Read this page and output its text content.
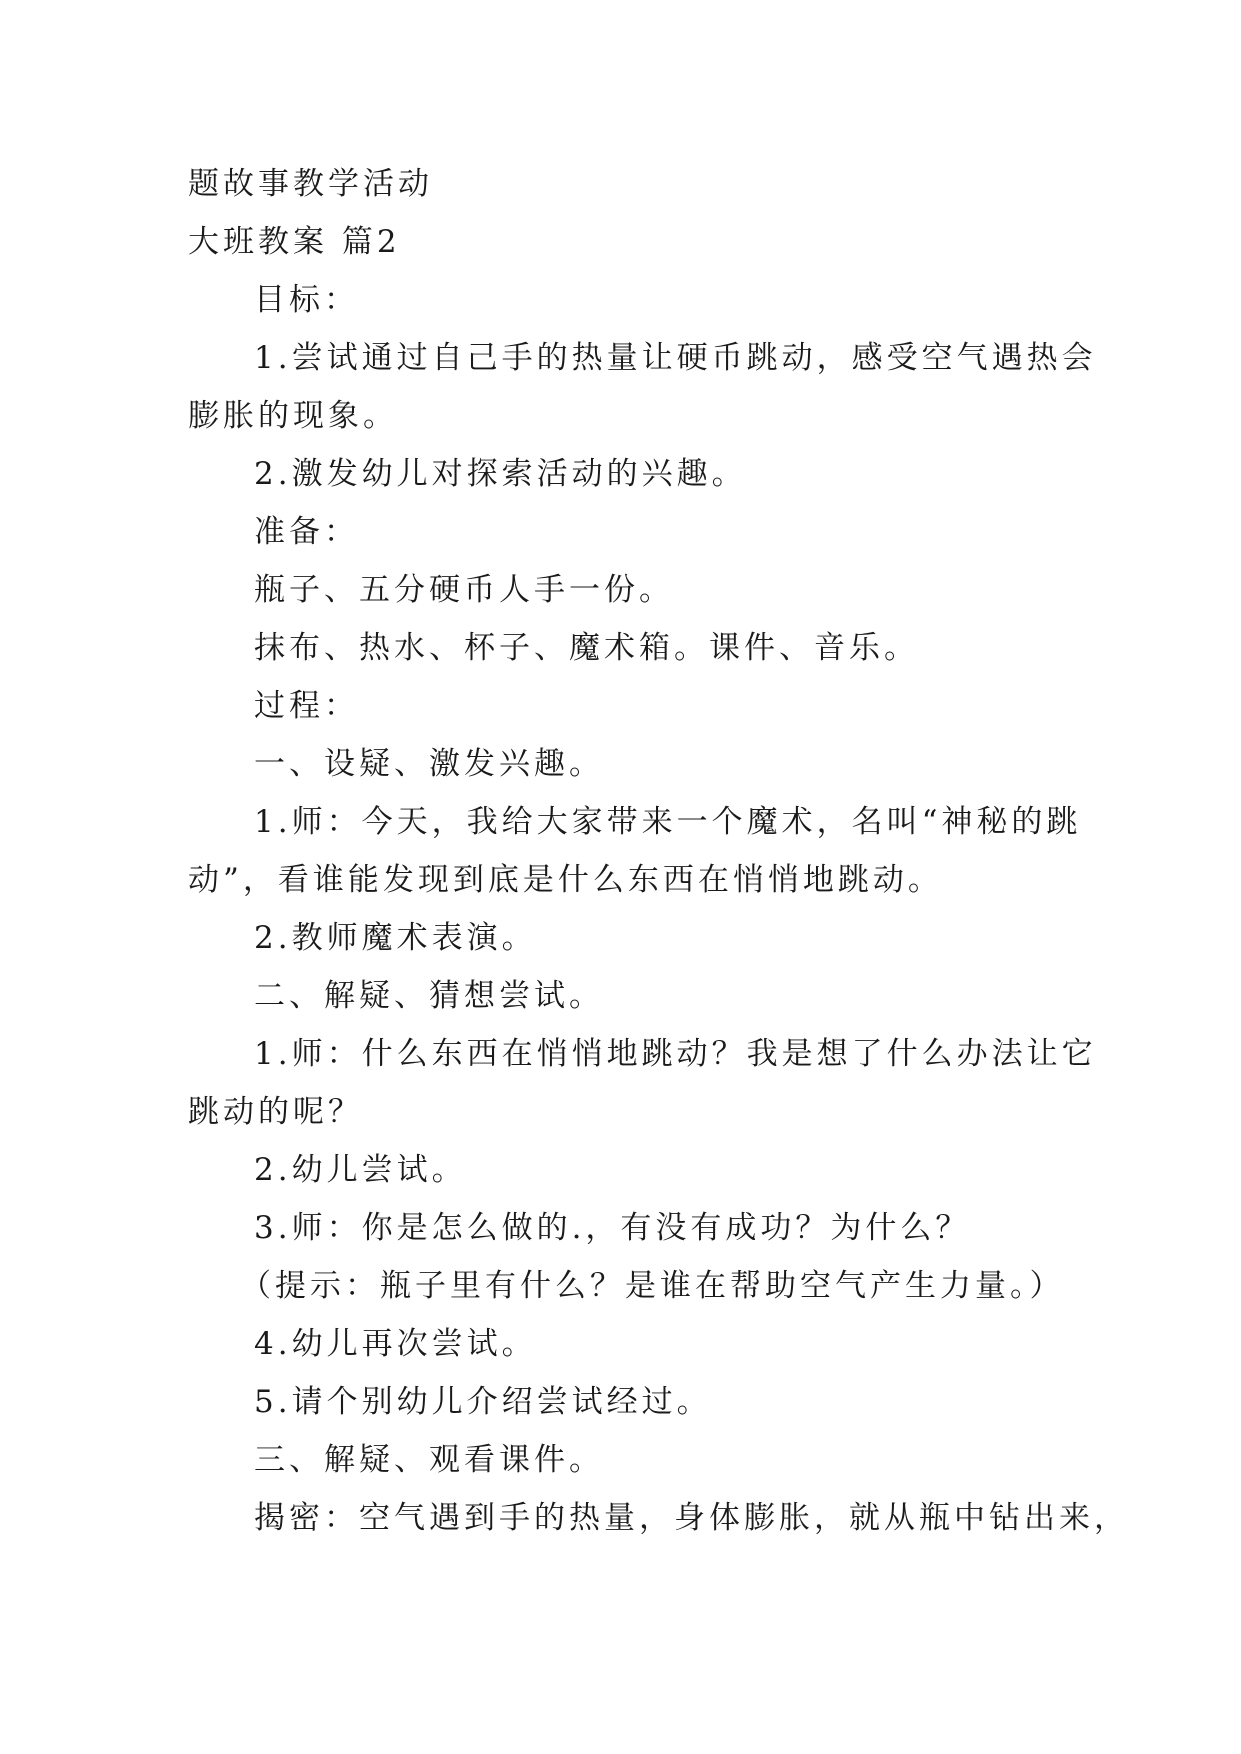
题故事教学活动
大班教案 篇2
目标：
1.尝试通过自己手的热量让硬币跳动，感受空气遇热会
膨胀的现象。
2.激发幼儿对探索活动的兴趣。
准备：
瓶子、五分硬币人手一份。
抹布、热水、杯子、魔术箱。课件、音乐。
过程：
一、设疑、激发兴趣。
1.师：今天，我给大家带来一个魔术，名叫“神秘的跳
动”，看谁能发现到底是什么东西在悄悄地跳动。
2.教师魔术表演。
二、解疑、猜想尝试。
1.师：什么东西在悄悄地跳动？我是想了什么办法让它
跳动的呢？
2.幼儿尝试。
3.师：你是怎么做的.，有没有成功？为什么？
（提示：瓶子里有什么？是谁在帮助空气产生力量。）
4.幼儿再次尝试。
5.请个别幼儿介绍尝试经过。
三、解疑、观看课件。
揭密：空气遇到手的热量，身体膨胀，就从瓶中钻出来，
